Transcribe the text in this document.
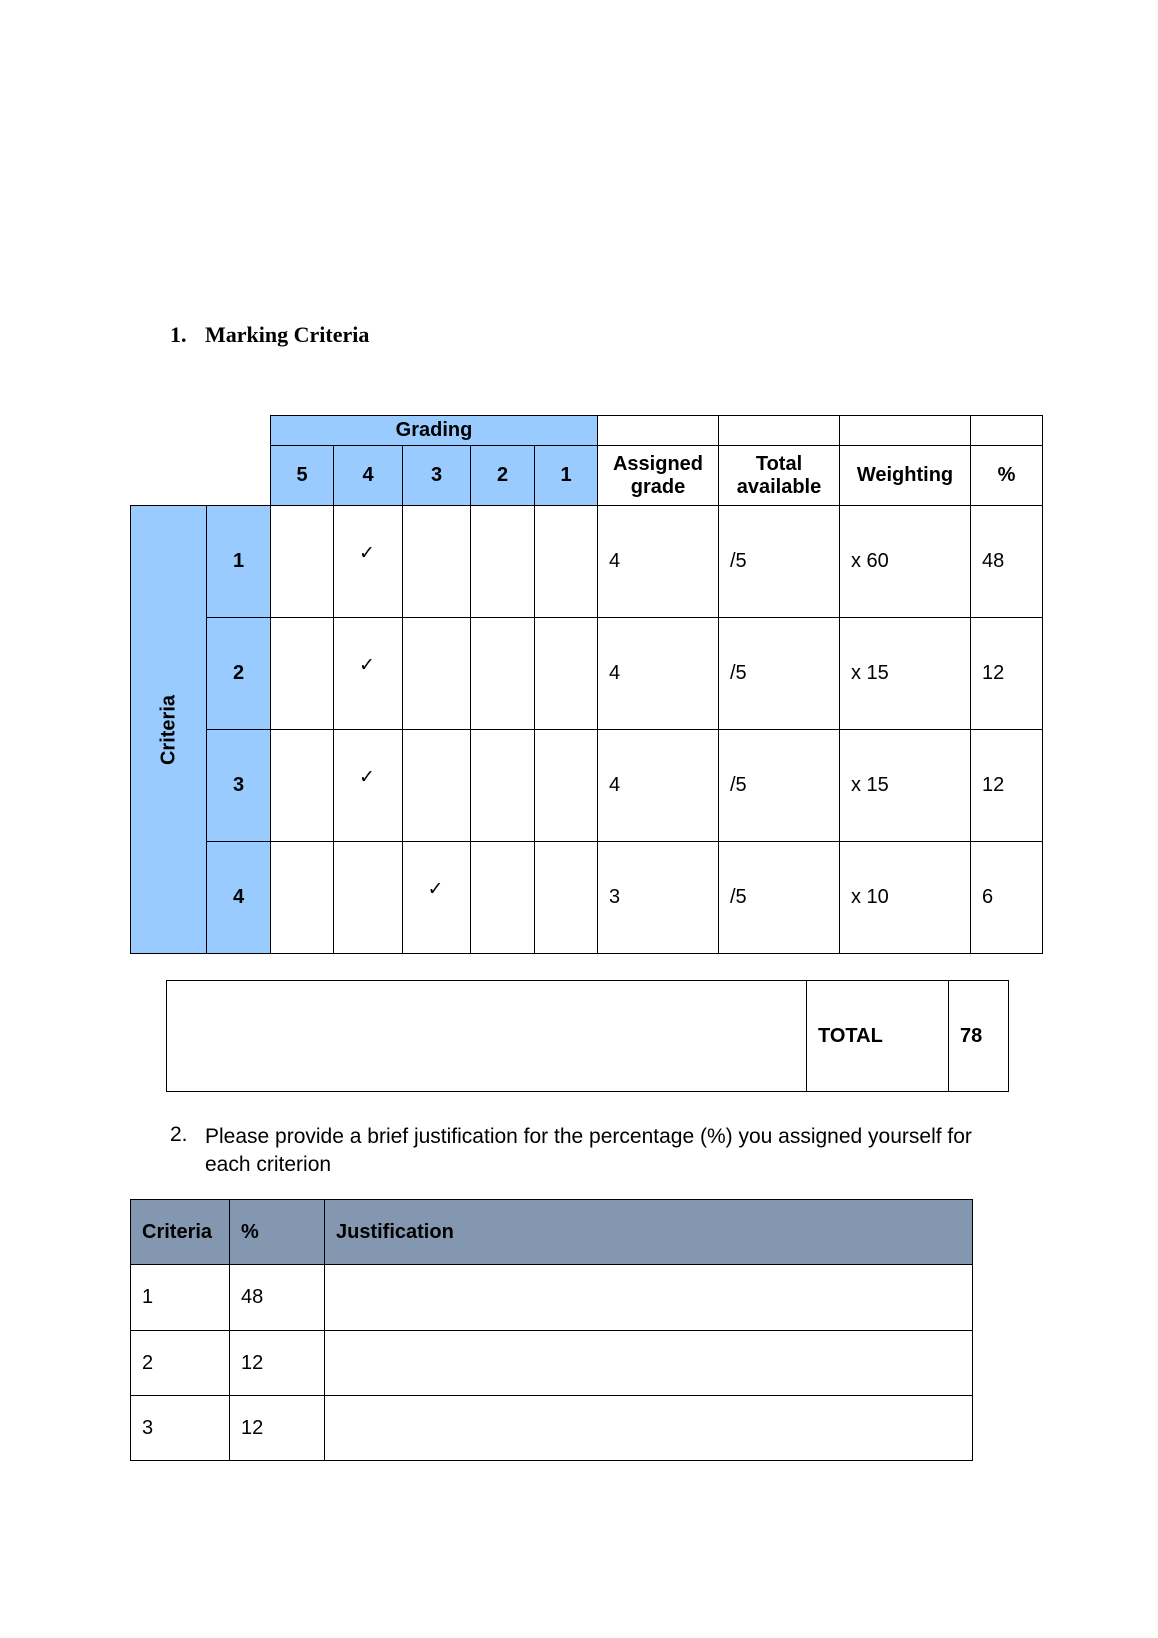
1. Marking Criteria
		Grading								
		5	4	3	2	1	Assigned grade	Total available	Weighting	%

Criteria	1		✓				4	/5	x 60	48
	2		✓				4	/5	x 15	12
	3		✓				4	/5	x 15	12
	4			✓			3	/5	x 10	6
	TOTAL	78
2. Please provide a brief justification for the percentage (%) you assigned yourself for each criterion
Criteria	%	Justification
1	48	
2	12	
3	12	
